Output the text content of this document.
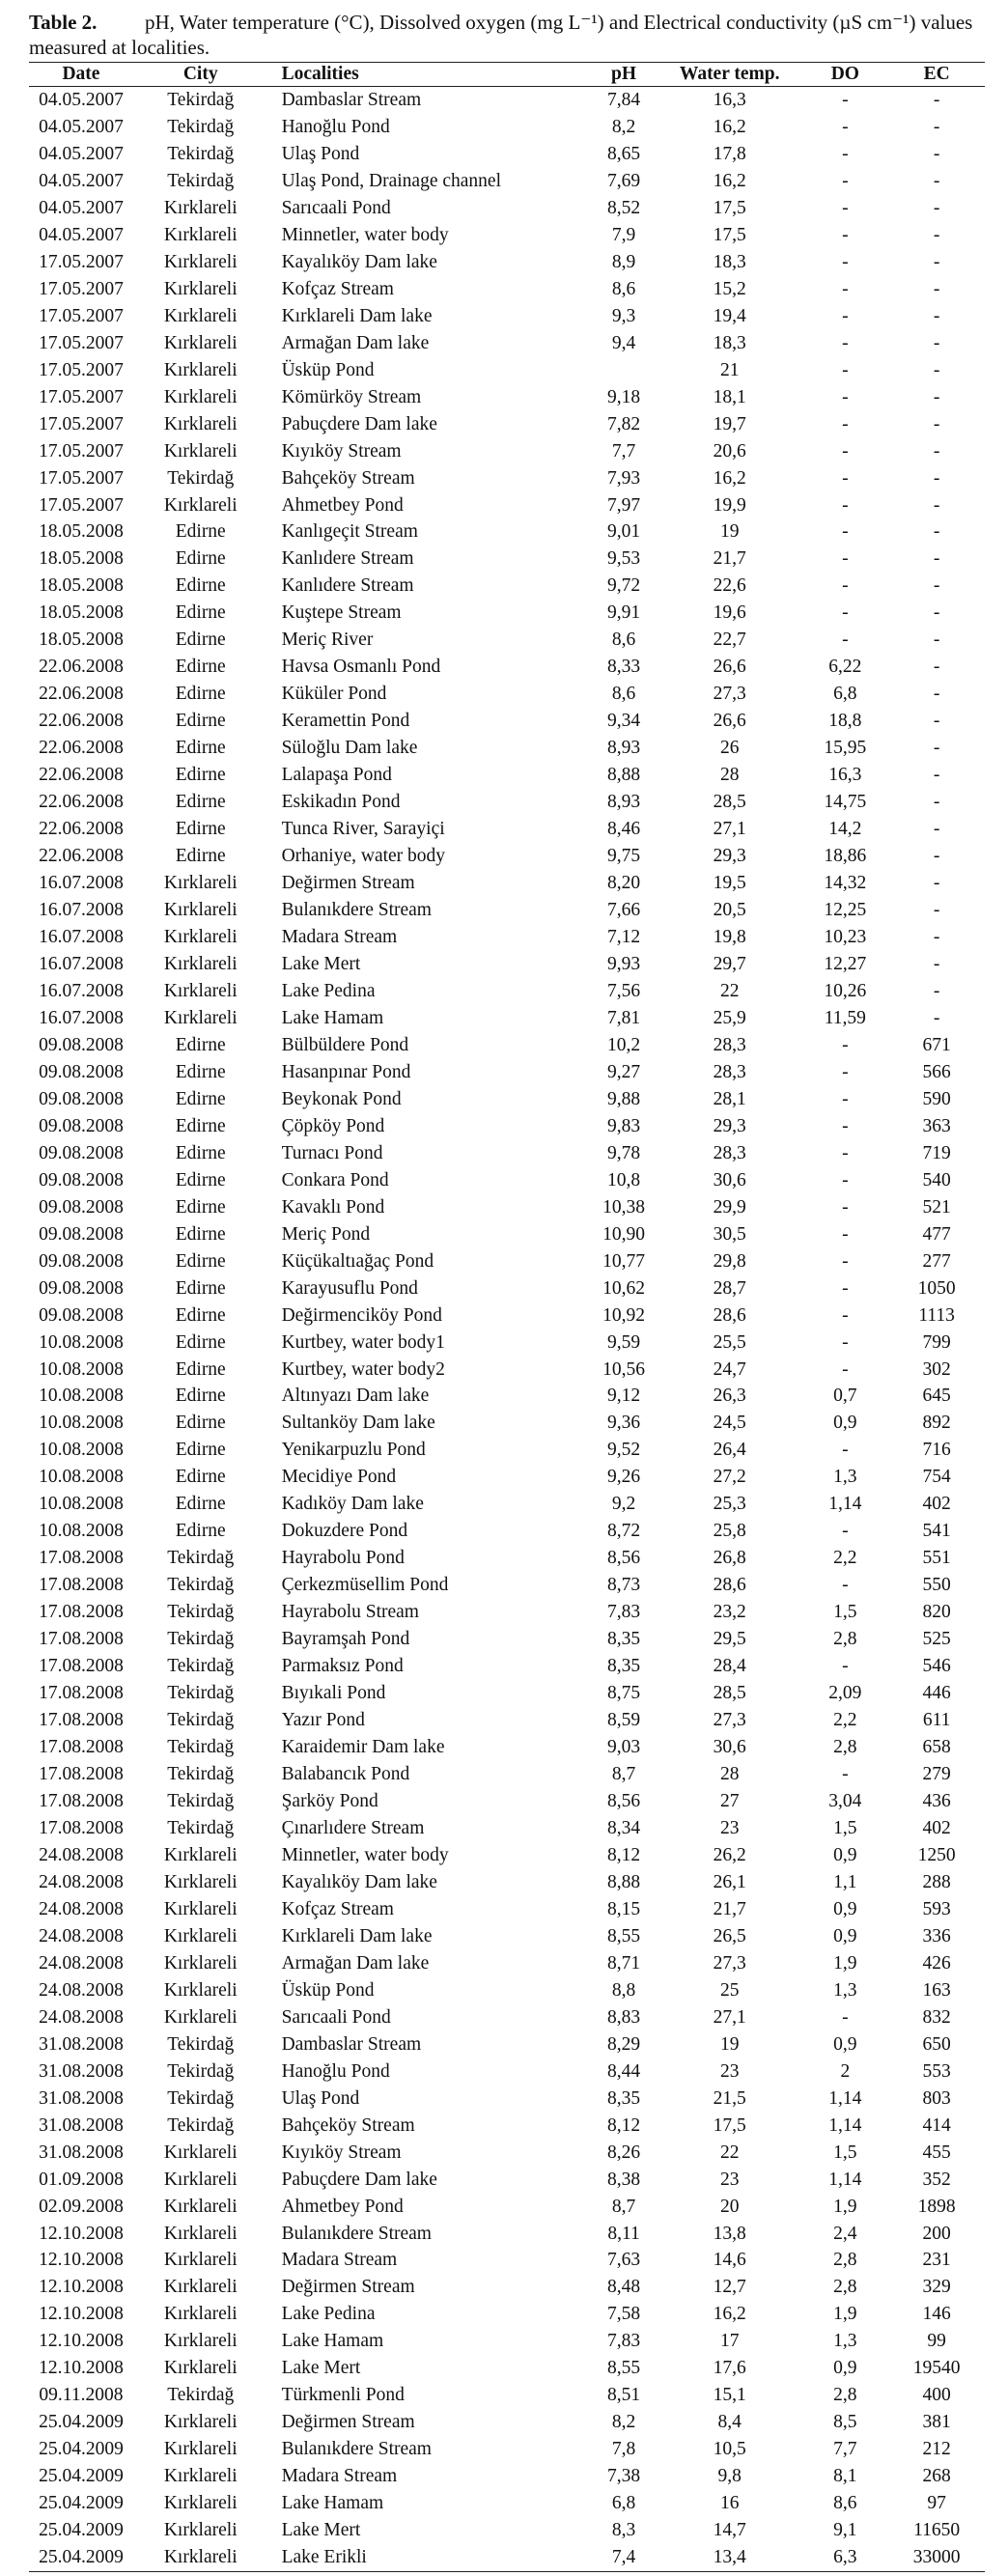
Table 2. pH, Water temperature (°C), Dissolved oxygen (mg L⁻¹) and Electrical conductivity (µS cm⁻¹) values measured at localities.
Date	City	Localities	pH	Water temp.	DO	EC
04.05.2007	Tekirdağ	Dambaslar Stream	7,84	16,3	-	-
04.05.2007	Tekirdağ	Hanoğlu Pond	8,2	16,2	-	-
04.05.2007	Tekirdağ	Ulaş Pond	8,65	17,8	-	-
04.05.2007	Tekirdağ	Ulaş Pond, Drainage channel	7,69	16,2	-	-
04.05.2007	Kırklareli	Sarıcaali Pond	8,52	17,5	-	-
04.05.2007	Kırklareli	Minnetler, water body	7,9	17,5	-	-
17.05.2007	Kırklareli	Kayalıköy Dam lake	8,9	18,3	-	-
17.05.2007	Kırklareli	Kofçaz Stream	8,6	15,2	-	-
17.05.2007	Kırklareli	Kırklareli Dam lake	9,3	19,4	-	-
17.05.2007	Kırklareli	Armağan Dam lake	9,4	18,3	-	-
17.05.2007	Kırklareli	Üsküp Pond		21	-	-
17.05.2007	Kırklareli	Kömürköy Stream	9,18	18,1	-	-
17.05.2007	Kırklareli	Pabuçdere Dam lake	7,82	19,7	-	-
17.05.2007	Kırklareli	Kıyıköy Stream	7,7	20,6	-	-
17.05.2007	Tekirdağ	Bahçeköy Stream	7,93	16,2	-	-
17.05.2007	Kırklareli	Ahmetbey Pond	7,97	19,9	-	-
18.05.2008	Edirne	Kanlıgeçit Stream	9,01	19	-	-
18.05.2008	Edirne	Kanlıdere Stream	9,53	21,7	-	-
18.05.2008	Edirne	Kanlıdere Stream	9,72	22,6	-	-
18.05.2008	Edirne	Kuştepe Stream	9,91	19,6	-	-
18.05.2008	Edirne	Meriç River	8,6	22,7	-	-
22.06.2008	Edirne	Havsa Osmanlı Pond	8,33	26,6	6,22	-
22.06.2008	Edirne	Küküler Pond	8,6	27,3	6,8	-
22.06.2008	Edirne	Keramettin Pond	9,34	26,6	18,8	-
22.06.2008	Edirne	Süloğlu Dam lake	8,93	26	15,95	-
22.06.2008	Edirne	Lalapaşa Pond	8,88	28	16,3	-
22.06.2008	Edirne	Eskikadın Pond	8,93	28,5	14,75	-
22.06.2008	Edirne	Tunca River, Sarayiçi	8,46	27,1	14,2	-
22.06.2008	Edirne	Orhaniye, water body	9,75	29,3	18,86	-
16.07.2008	Kırklareli	Değirmen Stream	8,20	19,5	14,32	-
16.07.2008	Kırklareli	Bulanıkdere Stream	7,66	20,5	12,25	-
16.07.2008	Kırklareli	Madara Stream	7,12	19,8	10,23	-
16.07.2008	Kırklareli	Lake Mert	9,93	29,7	12,27	-
16.07.2008	Kırklareli	Lake Pedina	7,56	22	10,26	-
16.07.2008	Kırklareli	Lake Hamam	7,81	25,9	11,59	-
09.08.2008	Edirne	Bülbüldere Pond	10,2	28,3	-	671
09.08.2008	Edirne	Hasanpınar Pond	9,27	28,3	-	566
09.08.2008	Edirne	Beykonak Pond	9,88	28,1	-	590
09.08.2008	Edirne	Çöpköy Pond	9,83	29,3	-	363
09.08.2008	Edirne	Turnacı Pond	9,78	28,3	-	719
09.08.2008	Edirne	Conkara Pond	10,8	30,6	-	540
09.08.2008	Edirne	Kavaklı Pond	10,38	29,9	-	521
09.08.2008	Edirne	Meriç Pond	10,90	30,5	-	477
09.08.2008	Edirne	Küçükaltıağaç Pond	10,77	29,8	-	277
09.08.2008	Edirne	Karayusuflu Pond	10,62	28,7	-	1050
09.08.2008	Edirne	Değirmenciköy Pond	10,92	28,6	-	1113
10.08.2008	Edirne	Kurtbey, water body1	9,59	25,5	-	799
10.08.2008	Edirne	Kurtbey, water body2	10,56	24,7	-	302
10.08.2008	Edirne	Altınyazı Dam lake	9,12	26,3	0,7	645
10.08.2008	Edirne	Sultanköy Dam lake	9,36	24,5	0,9	892
10.08.2008	Edirne	Yenikarpuzlu Pond	9,52	26,4	-	716
10.08.2008	Edirne	Mecidiye Pond	9,26	27,2	1,3	754
10.08.2008	Edirne	Kadıköy Dam lake	9,2	25,3	1,14	402
10.08.2008	Edirne	Dokuzdere Pond	8,72	25,8	-	541
17.08.2008	Tekirdağ	Hayrabolu Pond	8,56	26,8	2,2	551
17.08.2008	Tekirdağ	Çerkezmüsellim Pond	8,73	28,6	-	550
17.08.2008	Tekirdağ	Hayrabolu Stream	7,83	23,2	1,5	820
17.08.2008	Tekirdağ	Bayramşah Pond	8,35	29,5	2,8	525
17.08.2008	Tekirdağ	Parmaksız Pond	8,35	28,4	-	546
17.08.2008	Tekirdağ	Bıyıkali Pond	8,75	28,5	2,09	446
17.08.2008	Tekirdağ	Yazır Pond	8,59	27,3	2,2	611
17.08.2008	Tekirdağ	Karaidemir Dam lake	9,03	30,6	2,8	658
17.08.2008	Tekirdağ	Balabancık Pond	8,7	28	-	279
17.08.2008	Tekirdağ	Şarköy Pond	8,56	27	3,04	436
17.08.2008	Tekirdağ	Çınarlıdere Stream	8,34	23	1,5	402
24.08.2008	Kırklareli	Minnetler, water body	8,12	26,2	0,9	1250
24.08.2008	Kırklareli	Kayalıköy Dam lake	8,88	26,1	1,1	288
24.08.2008	Kırklareli	Kofçaz Stream	8,15	21,7	0,9	593
24.08.2008	Kırklareli	Kırklareli Dam lake	8,55	26,5	0,9	336
24.08.2008	Kırklareli	Armağan Dam lake	8,71	27,3	1,9	426
24.08.2008	Kırklareli	Üsküp Pond	8,8	25	1,3	163
24.08.2008	Kırklareli	Sarıcaali Pond	8,83	27,1	-	832
31.08.2008	Tekirdağ	Dambaslar Stream	8,29	19	0,9	650
31.08.2008	Tekirdağ	Hanoğlu Pond	8,44	23	2	553
31.08.2008	Tekirdağ	Ulaş Pond	8,35	21,5	1,14	803
31.08.2008	Tekirdağ	Bahçeköy Stream	8,12	17,5	1,14	414
31.08.2008	Kırklareli	Kıyıköy Stream	8,26	22	1,5	455
01.09.2008	Kırklareli	Pabuçdere Dam lake	8,38	23	1,14	352
02.09.2008	Kırklareli	Ahmetbey Pond	8,7	20	1,9	1898
12.10.2008	Kırklareli	Bulanıkdere Stream	8,11	13,8	2,4	200
12.10.2008	Kırklareli	Madara Stream	7,63	14,6	2,8	231
12.10.2008	Kırklareli	Değirmen Stream	8,48	12,7	2,8	329
12.10.2008	Kırklareli	Lake Pedina	7,58	16,2	1,9	146
12.10.2008	Kırklareli	Lake Hamam	7,83	17	1,3	99
12.10.2008	Kırklareli	Lake Mert	8,55	17,6	0,9	19540
09.11.2008	Tekirdağ	Türkmenli Pond	8,51	15,1	2,8	400
25.04.2009	Kırklareli	Değirmen Stream	8,2	8,4	8,5	381
25.04.2009	Kırklareli	Bulanıkdere Stream	7,8	10,5	7,7	212
25.04.2009	Kırklareli	Madara Stream	7,38	9,8	8,1	268
25.04.2009	Kırklareli	Lake Hamam	6,8	16	8,6	97
25.04.2009	Kırklareli	Lake Mert	8,3	14,7	9,1	11650
25.04.2009	Kırklareli	Lake Erikli	7,4	13,4	6,3	33000
